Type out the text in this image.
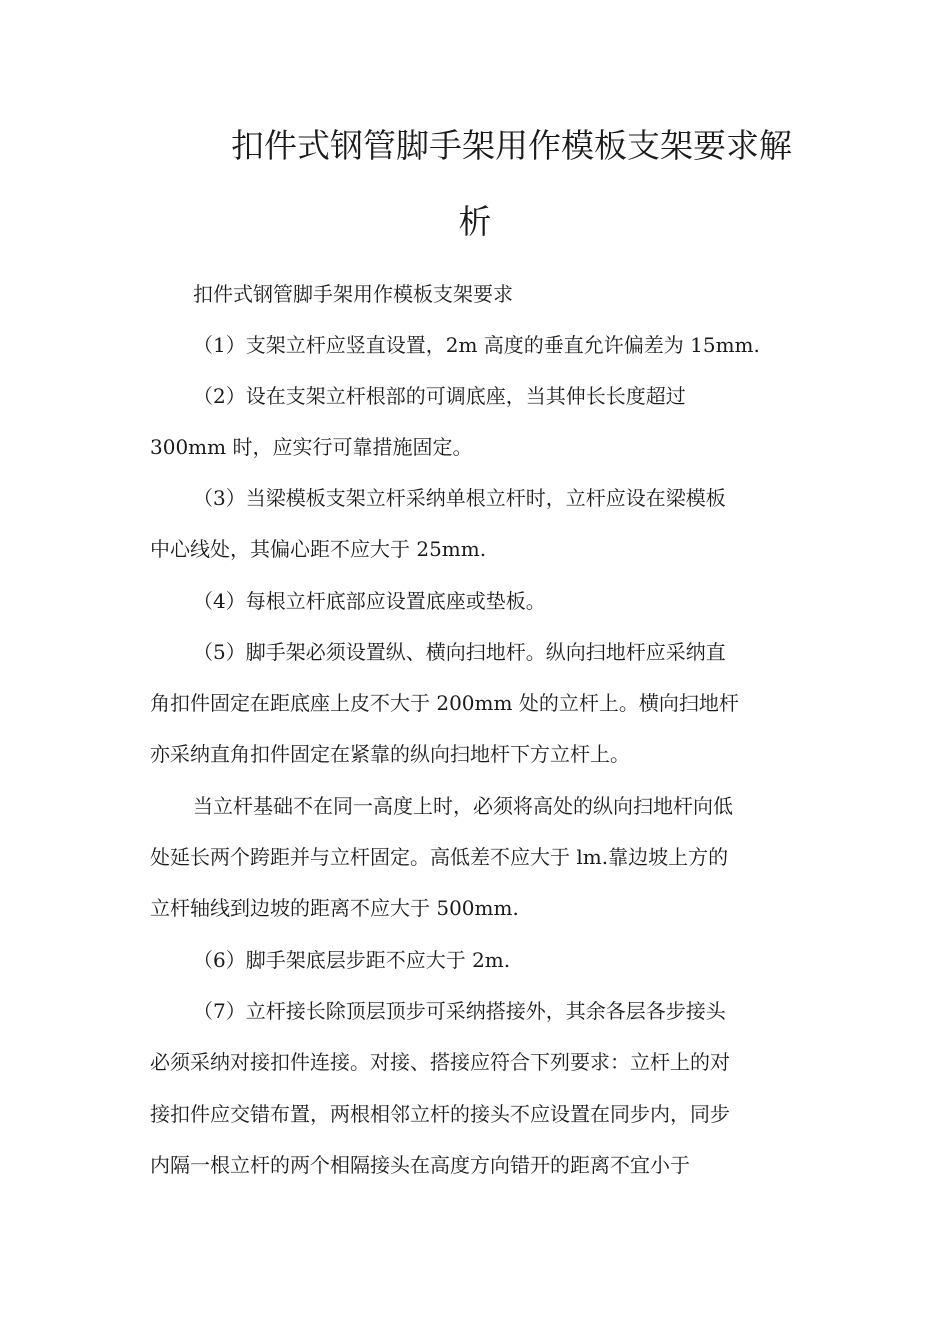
扣件式钢管脚手架用作模板支架要求解
析

扣件式钢管脚手架用作模板支架要求

（1）支架立杆应竖直设置，2m 高度的垂直允许偏差为 15mm.

（2）设在支架立杆根部的可调底座，当其伸长长度超过

300mm 时，应实行可靠措施固定。

（3）当梁模板支架立杆采纳单根立杆时，立杆应设在梁模板

中心线处，其偏心距不应大于 25mm.

（4）每根立杆底部应设置底座或垫板。

（5）脚手架必须设置纵、横向扫地杆。纵向扫地杆应采纳直

角扣件固定在距底座上皮不大于 200mm 处的立杆上。横向扫地杆

亦采纳直角扣件固定在紧靠的纵向扫地杆下方立杆上。

当立杆基础不在同一高度上时，必须将高处的纵向扫地杆向低

处延长两个跨距并与立杆固定。高低差不应大于 lm.靠边坡上方的

立杆轴线到边坡的距离不应大于 500mm.

（6）脚手架底层步距不应大于 2m.

（7）立杆接长除顶层顶步可采纳搭接外，其余各层各步接头

必须采纳对接扣件连接。对接、搭接应符合下列要求：立杆上的对

接扣件应交错布置，两根相邻立杆的接头不应设置在同步内，同步

内隔一根立杆的两个相隔接头在高度方向错开的距离不宜小于
